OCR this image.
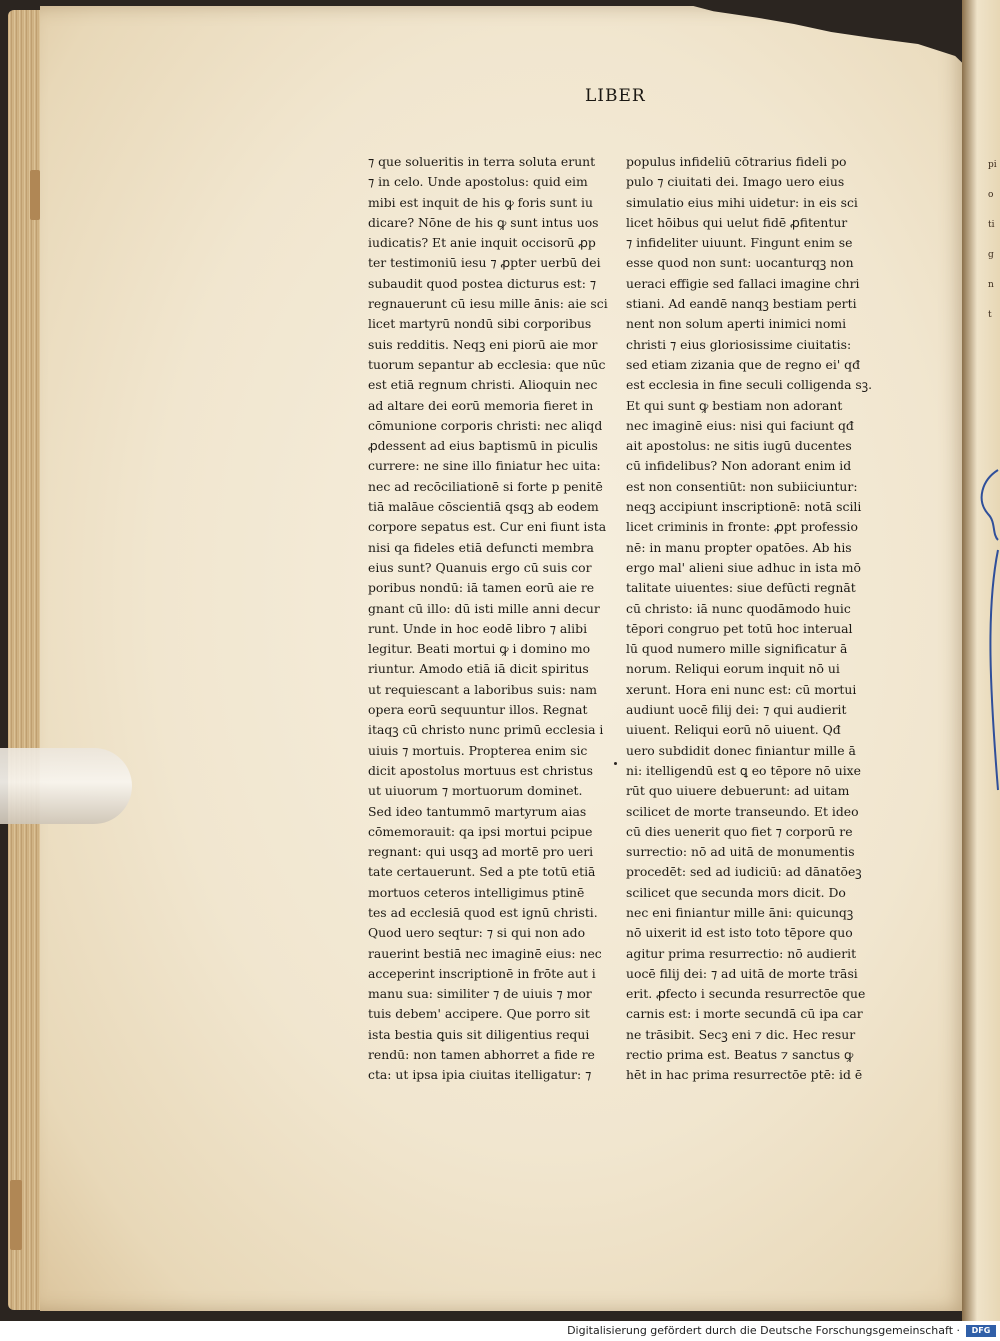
pi
o
ti
g
n
t
LIBER
⁊ que solueritis in terra soluta erunt
⁊ in celo. Unde apostolus: quid eim
mibi est inquit de his ꝙ foris sunt iu
dicare? Nōne de his ꝙ sunt intus uos
iudicatis? Et anie inquit occisorū ꝓp
ter testimoniū iesu ⁊ ꝓpter uerbū dei
subaudit quod postea dicturus est: ⁊
regnauerunt cū iesu mille ānis: aie sci
licet martyrū nondū sibi corporibus
suis redditis. Neqꝫ eni piorū aie mor
tuorum sepantur ab ecclesia: que nūc
est etiā regnum christi. Alioquin nec
ad altare dei eorū memoria fieret in
cōmunione corporis christi: nec aliqd
ꝓdessent ad eius baptismū in piculis
currere: ne sine illo finiatur hec uita:
nec ad recōciliationē si forte p penitē
tiā malāue cōscientiā qsqꝫ ab eodem
corpore sepatus est. Cur eni fiunt ista
nisi qa fideles etiā defuncti membra
eius sunt? Quanuis ergo cū suis cor
poribus nondū: iā tamen eorū aie re
gnant cū illo: dū isti mille anni decur
runt. Unde in hoc eodē libro ⁊ alibi
legitur. Beati mortui ꝙ i domino mo
riuntur. Amodo etiā iā dicit spiritus
ut requiescant a laboribus suis: nam
opera eorū sequuntur illos. Regnat
itaqꝫ cū christo nunc primū ecclesia i
uiuis ⁊ mortuis. Propterea enim sic
dicit apostolus mortuus est christus
ut uiuorum ⁊ mortuorum dominet.
Sed ideo tantummō martyrum aias
cōmemorauit: qa ipsi mortui pcipue
regnant: qui usqꝫ ad mortē pro ueri
tate certauerunt. Sed a pte totū etiā
mortuos ceteros intelligimus ptinē
tes ad ecclesiā quod est ignū christi.
Quod uero seqtur: ⁊ si qui non ado
rauerint bestiā nec imaginē eius: nec
acceperint inscriptionē in frōte aut i
manu sua: similiter ⁊ de uiuis ⁊ mor
tuis debem' accipere. Que porro sit
ista bestia ꝗuis sit diligentius requi
rendū: non tamen abhorret a fide re
cta: ut ipsa ipia ciuitas itelligatur: ⁊
populus infideliū cōtrarius fideli po
pulo ⁊ ciuitati dei. Imago uero eius
simulatio eius mihi uidetur: in eis sci
licet hōibus qui uelut fidē ꝓfitentur
⁊ infideliter uiuunt. Fingunt enim se
esse quod non sunt: uocanturqꝫ non
ueraci effigie sed fallaci imagine chri
stiani. Ad eandē nanqꝫ bestiam perti
nent non solum aperti inimici nomi
christi ⁊ eius gloriosissime ciuitatis:
sed etiam zizania que de regno ei' qđ
est ecclesia in fine seculi colligenda sꝫ.
Et qui sunt ꝙ bestiam non adorant
nec imaginē eius: nisi qui faciunt qđ
ait apostolus: ne sitis iugū ducentes
cū infidelibus? Non adorant enim id
est non consentiūt: non subiiciuntur:
neqꝫ accipiunt inscriptionē: notā scili
licet criminis in fronte: ꝓpt professio
nē: in manu propter opatōes. Ab his
ergo mal' alieni siue adhuc in ista mō
talitate uiuentes: siue defūcti regnāt
cū christo: iā nunc quodāmodo huic
tēpori congruo pet totū hoc interual
lū quod numero mille significatur ā
norum. Reliqui eorum inquit nō ui
xerunt. Hora eni nunc est: cū mortui
audiunt uocē filij dei: ⁊ qui audierit
uiuent. Reliqui eorū nō uiuent. Qđ
uero subdidit donec finiantur mille ā
ni: itelligendū est ꝗ eo tēpore nō uixe
rūt quo uiuere debuerunt: ad uitam
scilicet de morte transeundo. Et ideo
cū dies uenerit quo fiet ⁊ corporū re
surrectio: nō ad uitā de monumentis
procedēt: sed ad iudiciū: ad dānatōeꝫ
scilicet que secunda mors dicit. Do
nec eni finiantur mille āni: quicunqꝫ
nō uixerit id est isto toto tēpore quo
agitur prima resurrectio: nō audierit
uocē filij dei: ⁊ ad uitā de morte trāsi
erit. ꝓfecto i secunda resurrectōe que
carnis est: i morte secundā cū ipa car
ne trāsibit. Secꝫ eni ⁊ dic. Hec resur
rectio prima est. Beatus ⁊ sanctus ꝙ
hēt in hac prima resurrectōe ptē: id ē
Digitalisierung gefördert durch die Deutsche Forschungsgemeinschaft ·	DFG
